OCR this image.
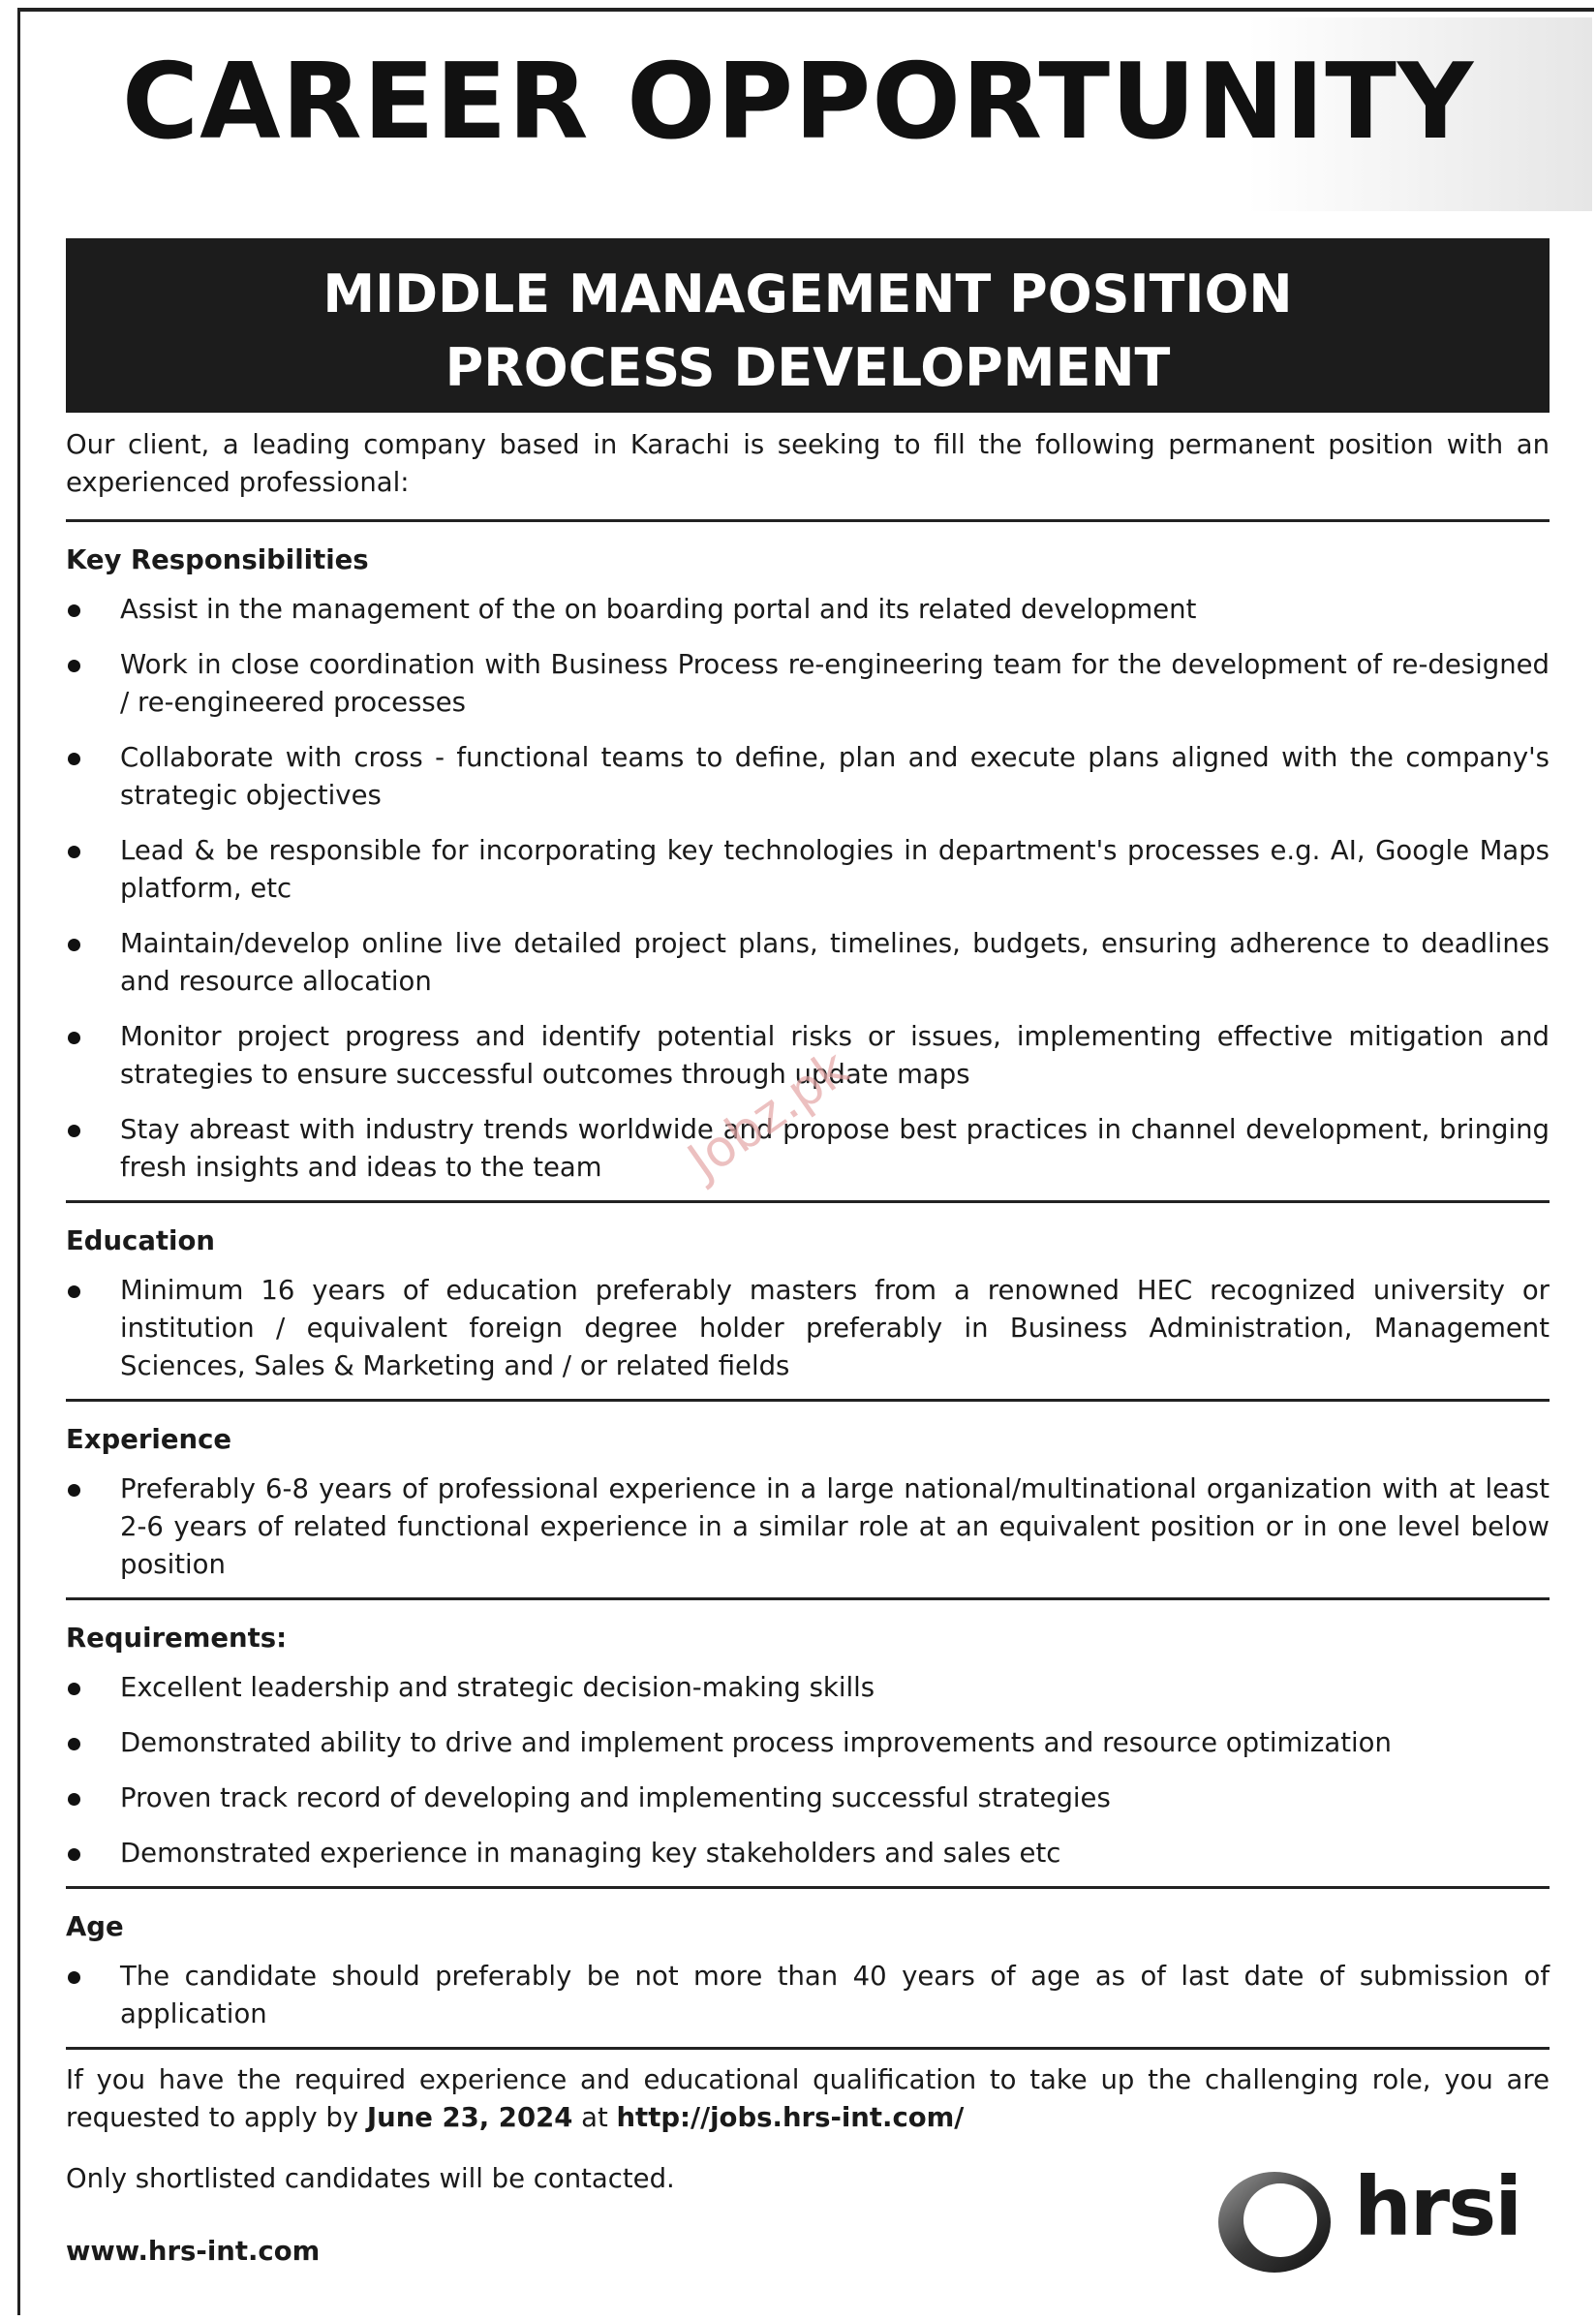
CAREER OPPORTUNITY
MIDDLE MANAGEMENT POSITION
PROCESS DEVELOPMENT

Our client, a leading company based in Karachi is seeking to fill the following permanent position with an experienced professional:

Key Responsibilities
Assist in the management of the on boarding portal and its related development
Work in close coordination with Business Process re-engineering team for the development of re-designed / re-engineered processes
Collaborate with cross - functional teams to define, plan and execute plans aligned with the company's strategic objectives
Lead & be responsible for incorporating key technologies in department's processes e.g. AI, Google Maps platform, etc
Maintain/develop online live detailed project plans, timelines, budgets, ensuring adherence to deadlines and resource allocation
Monitor project progress and identify potential risks or issues, implementing effective mitigation and strategies to ensure successful outcomes through update maps
Stay abreast with industry trends worldwide and propose best practices in channel development, bringing fresh insights and ideas to the team
Education
Minimum 16 years of education preferably masters from a renowned HEC recognized university or institution / equivalent foreign degree holder preferably in Business Administration, Management Sciences, Sales & Marketing and / or related fields
Experience
Preferably 6-8 years of professional experience in a large national/multinational organization with at least 2-6 years of related functional experience in a similar role at an equivalent position or in one level below position
Requirements:
Excellent leadership and strategic decision-making skills
Demonstrated ability to drive and implement process improvements and resource optimization
Proven track record of developing and implementing successful strategies
Demonstrated experience in managing key stakeholders and sales etc
Age
The candidate should preferably be not more than 40 years of age as of last date of submission of application
If you have the required experience and educational qualification to take up the challenging role, you are requested to apply by June 23, 2024 at http://jobs.hrs-int.com/
Only shortlisted candidates will be contacted.
www.hrs-int.com	hrsi
Jobz.pk
